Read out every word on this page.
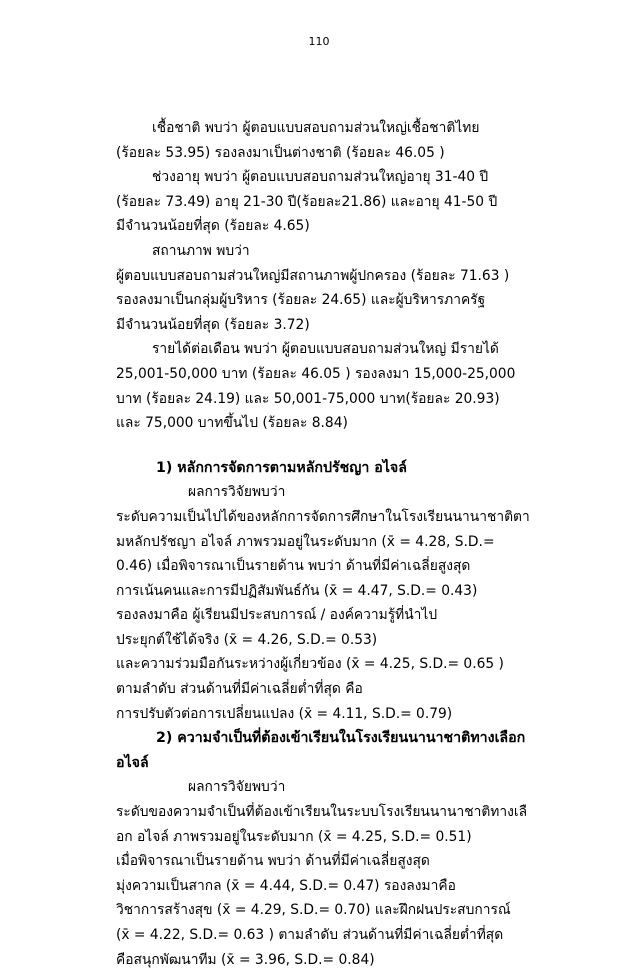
110
เชื้อชาติ พบว่า ผู้ตอบแบบสอบถามส่วนใหญ่เชื้อชาติไทย
(ร้อยละ 53.95) รองลงมาเป็นต่างชาติ (ร้อยละ 46.05 )
ช่วงอายุ พบว่า ผู้ตอบแบบสอบถามส่วนใหญ่อายุ 31-40 ปี
(ร้อยละ 73.49) อายุ 21-30 ปี(ร้อยละ21.86) และอายุ 41-50 ปี
มีจำนวนน้อยที่สุด (ร้อยละ 4.65)
สถานภาพ พบว่า
ผู้ตอบแบบสอบถามส่วนใหญ่มีสถานภาพผู้ปกครอง (ร้อยละ 71.63 )
รองลงมาเป็นกลุ่มผู้บริหาร (ร้อยละ 24.65) และผู้บริหารภาครัฐ
มีจำนวนน้อยที่สุด (ร้อยละ 3.72)
รายได้ต่อเดือน พบว่า ผู้ตอบแบบสอบถามส่วนใหญ่ มีรายได้
25,001-50,000 บาท (ร้อยละ 46.05 ) รองลงมา 15,000-25,000
บาท (ร้อยละ 24.19) และ 50,001-75,000 บาท(ร้อยละ 20.93)
และ 75,000 บาทขึ้นไป (ร้อยละ 8.84)
1) หลักการจัดการตามหลักปรัชญา อไจล์
ผลการวิจัยพบว่า
ระดับความเป็นไปได้ของหลักการจัดการศึกษาในโรงเรียนนานาชาติตา
มหลักปรัชญา อไจล์ ภาพรวมอยู่ในระดับมาก (x̄ = 4.28, S.D.=
0.46) เมื่อพิจารณาเป็นรายด้าน พบว่า ด้านที่มีค่าเฉลี่ยสูงสุด
การเน้นคนและการมีปฏิสัมพันธ์กัน (x̄ = 4.47, S.D.= 0.43)
รองลงมาคือ ผู้เรียนมีประสบการณ์ / องค์ความรู้ที่นำไป
ประยุกต์ใช้ได้จริง (x̄ = 4.26, S.D.= 0.53)
และความร่วมมือกันระหว่างผู้เกี่ยวข้อง (x̄ = 4.25, S.D.= 0.65 )
ตามลำดับ ส่วนด้านที่มีค่าเฉลี่ยต่ำที่สุด คือ
การปรับตัวต่อการเปลี่ยนแปลง (x̄ = 4.11, S.D.= 0.79)
2) ความจำเป็นที่ต้องเข้าเรียนในโรงเรียนนานาชาติทางเลือก
อไจล์
ผลการวิจัยพบว่า
ระดับของความจำเป็นที่ต้องเข้าเรียนในระบบโรงเรียนนานาชาติทางเลื
อก อไจล์ ภาพรวมอยู่ในระดับมาก (x̄ = 4.25, S.D.= 0.51)
เมื่อพิจารณาเป็นรายด้าน พบว่า ด้านที่มีค่าเฉลี่ยสูงสุด
มุ่งความเป็นสากล (x̄ = 4.44, S.D.= 0.47) รองลงมาคือ
วิชาการสร้างสุข (x̄ = 4.29, S.D.= 0.70) และฝึกฝนประสบการณ์
(x̄ = 4.22, S.D.= 0.63 ) ตามลำดับ ส่วนด้านที่มีค่าเฉลี่ยต่ำที่สุด
คือสนุกพัฒนาทีม (x̄ = 3.96, S.D.= 0.84)
